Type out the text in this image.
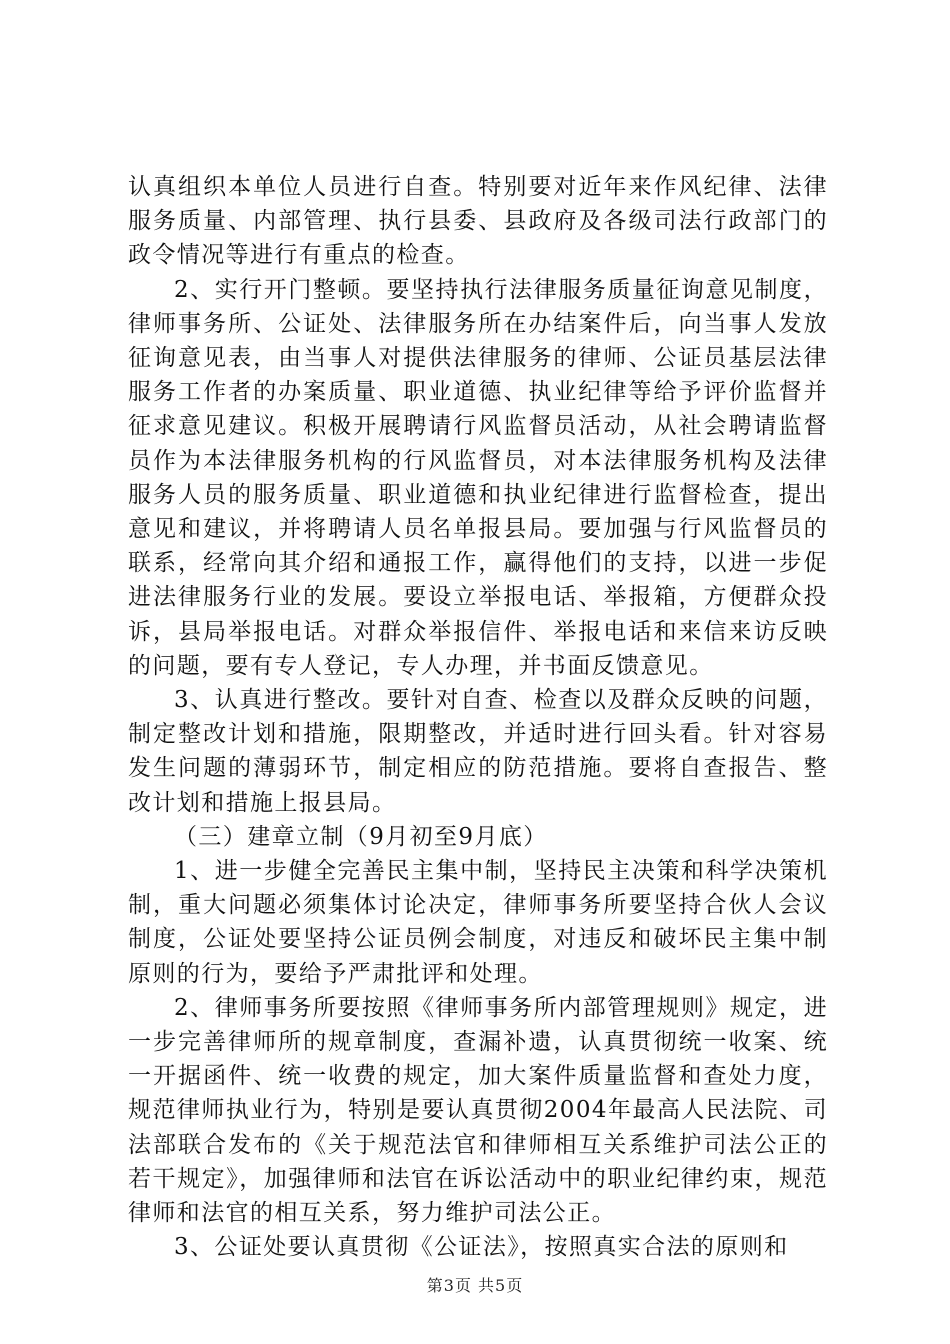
认真组织本单位人员进行自查。特别要对近年来作风纪律、法律服务质量、内部管理、执行县委、县政府及各级司法行政部门的政令情况等进行有重点的检查。

2、实行开门整顿。要坚持执行法律服务质量征询意见制度，律师事务所、公证处、法律服务所在办结案件后，向当事人发放征询意见表，由当事人对提供法律服务的律师、公证员基层法律服务工作者的办案质量、职业道德、执业纪律等给予评价监督并征求意见建议。积极开展聘请行风监督员活动，从社会聘请监督员作为本法律服务机构的行风监督员，对本法律服务机构及法律服务人员的服务质量、职业道德和执业纪律进行监督检查，提出意见和建议，并将聘请人员名单报县局。要加强与行风监督员的联系，经常向其介绍和通报工作，赢得他们的支持，以进一步促进法律服务行业的发展。要设立举报电话、举报箱，方便群众投诉，县局举报电话。对群众举报信件、举报电话和来信来访反映的问题，要有专人登记，专人办理，并书面反馈意见。

3、认真进行整改。要针对自查、检查以及群众反映的问题，制定整改计划和措施，限期整改，并适时进行回头看。针对容易发生问题的薄弱环节，制定相应的防范措施。要将自查报告、整改计划和措施上报县局。

（三）建章立制（9月初至9月底）

1、进一步健全完善民主集中制，坚持民主决策和科学决策机制，重大问题必须集体讨论决定，律师事务所要坚持合伙人会议制度，公证处要坚持公证员例会制度，对违反和破坏民主集中制原则的行为，要给予严肃批评和处理。

2、律师事务所要按照《律师事务所内部管理规则》规定，进一步完善律师所的规章制度，查漏补遗，认真贯彻统一收案、统一开据函件、统一收费的规定，加大案件质量监督和查处力度，规范律师执业行为，特别是要认真贯彻2004年最高人民法院、司法部联合发布的《关于规范法官和律师相互关系维护司法公正的若干规定》，加强律师和法官在诉讼活动中的职业纪律约束，规范律师和法官的相互关系，努力维护司法公正。

3、公证处要认真贯彻《公证法》，按照真实合法的原则和

第3页 共5页
